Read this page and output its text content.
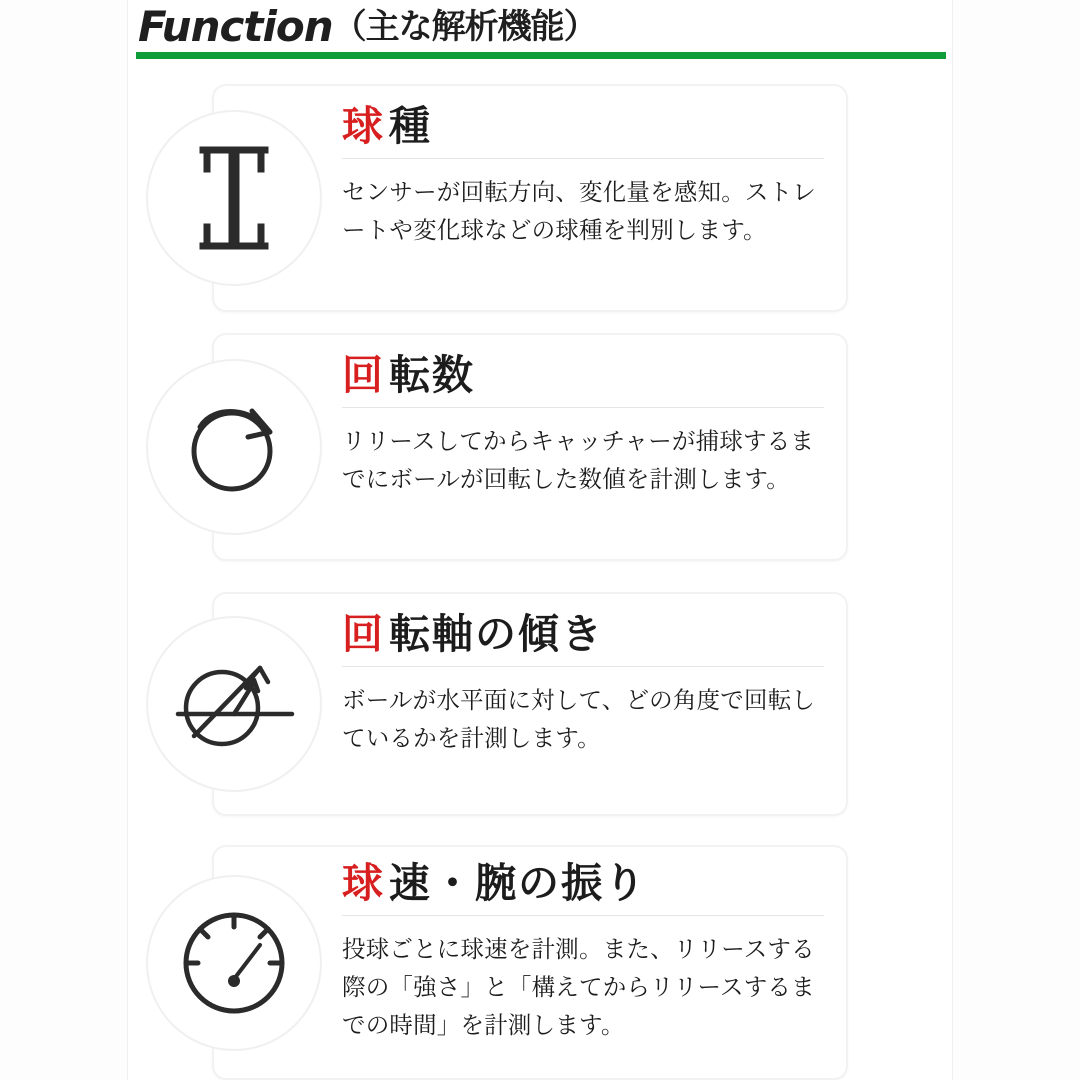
Function（主な解析機能）
球種
センサーが回転方向、変化量を感知。ストレートや変化球などの球種を判別します。
回転数
リリースしてからキャッチャーが捕球するまでにボールが回転した数値を計測します。
回転軸の傾き
ボールが水平面に対して、どの角度で回転しているかを計測します。
球速・腕の振り
投球ごとに球速を計測。また、リリースする際の「強さ」と「構えてからリリースするまでの時間」を計測します。
